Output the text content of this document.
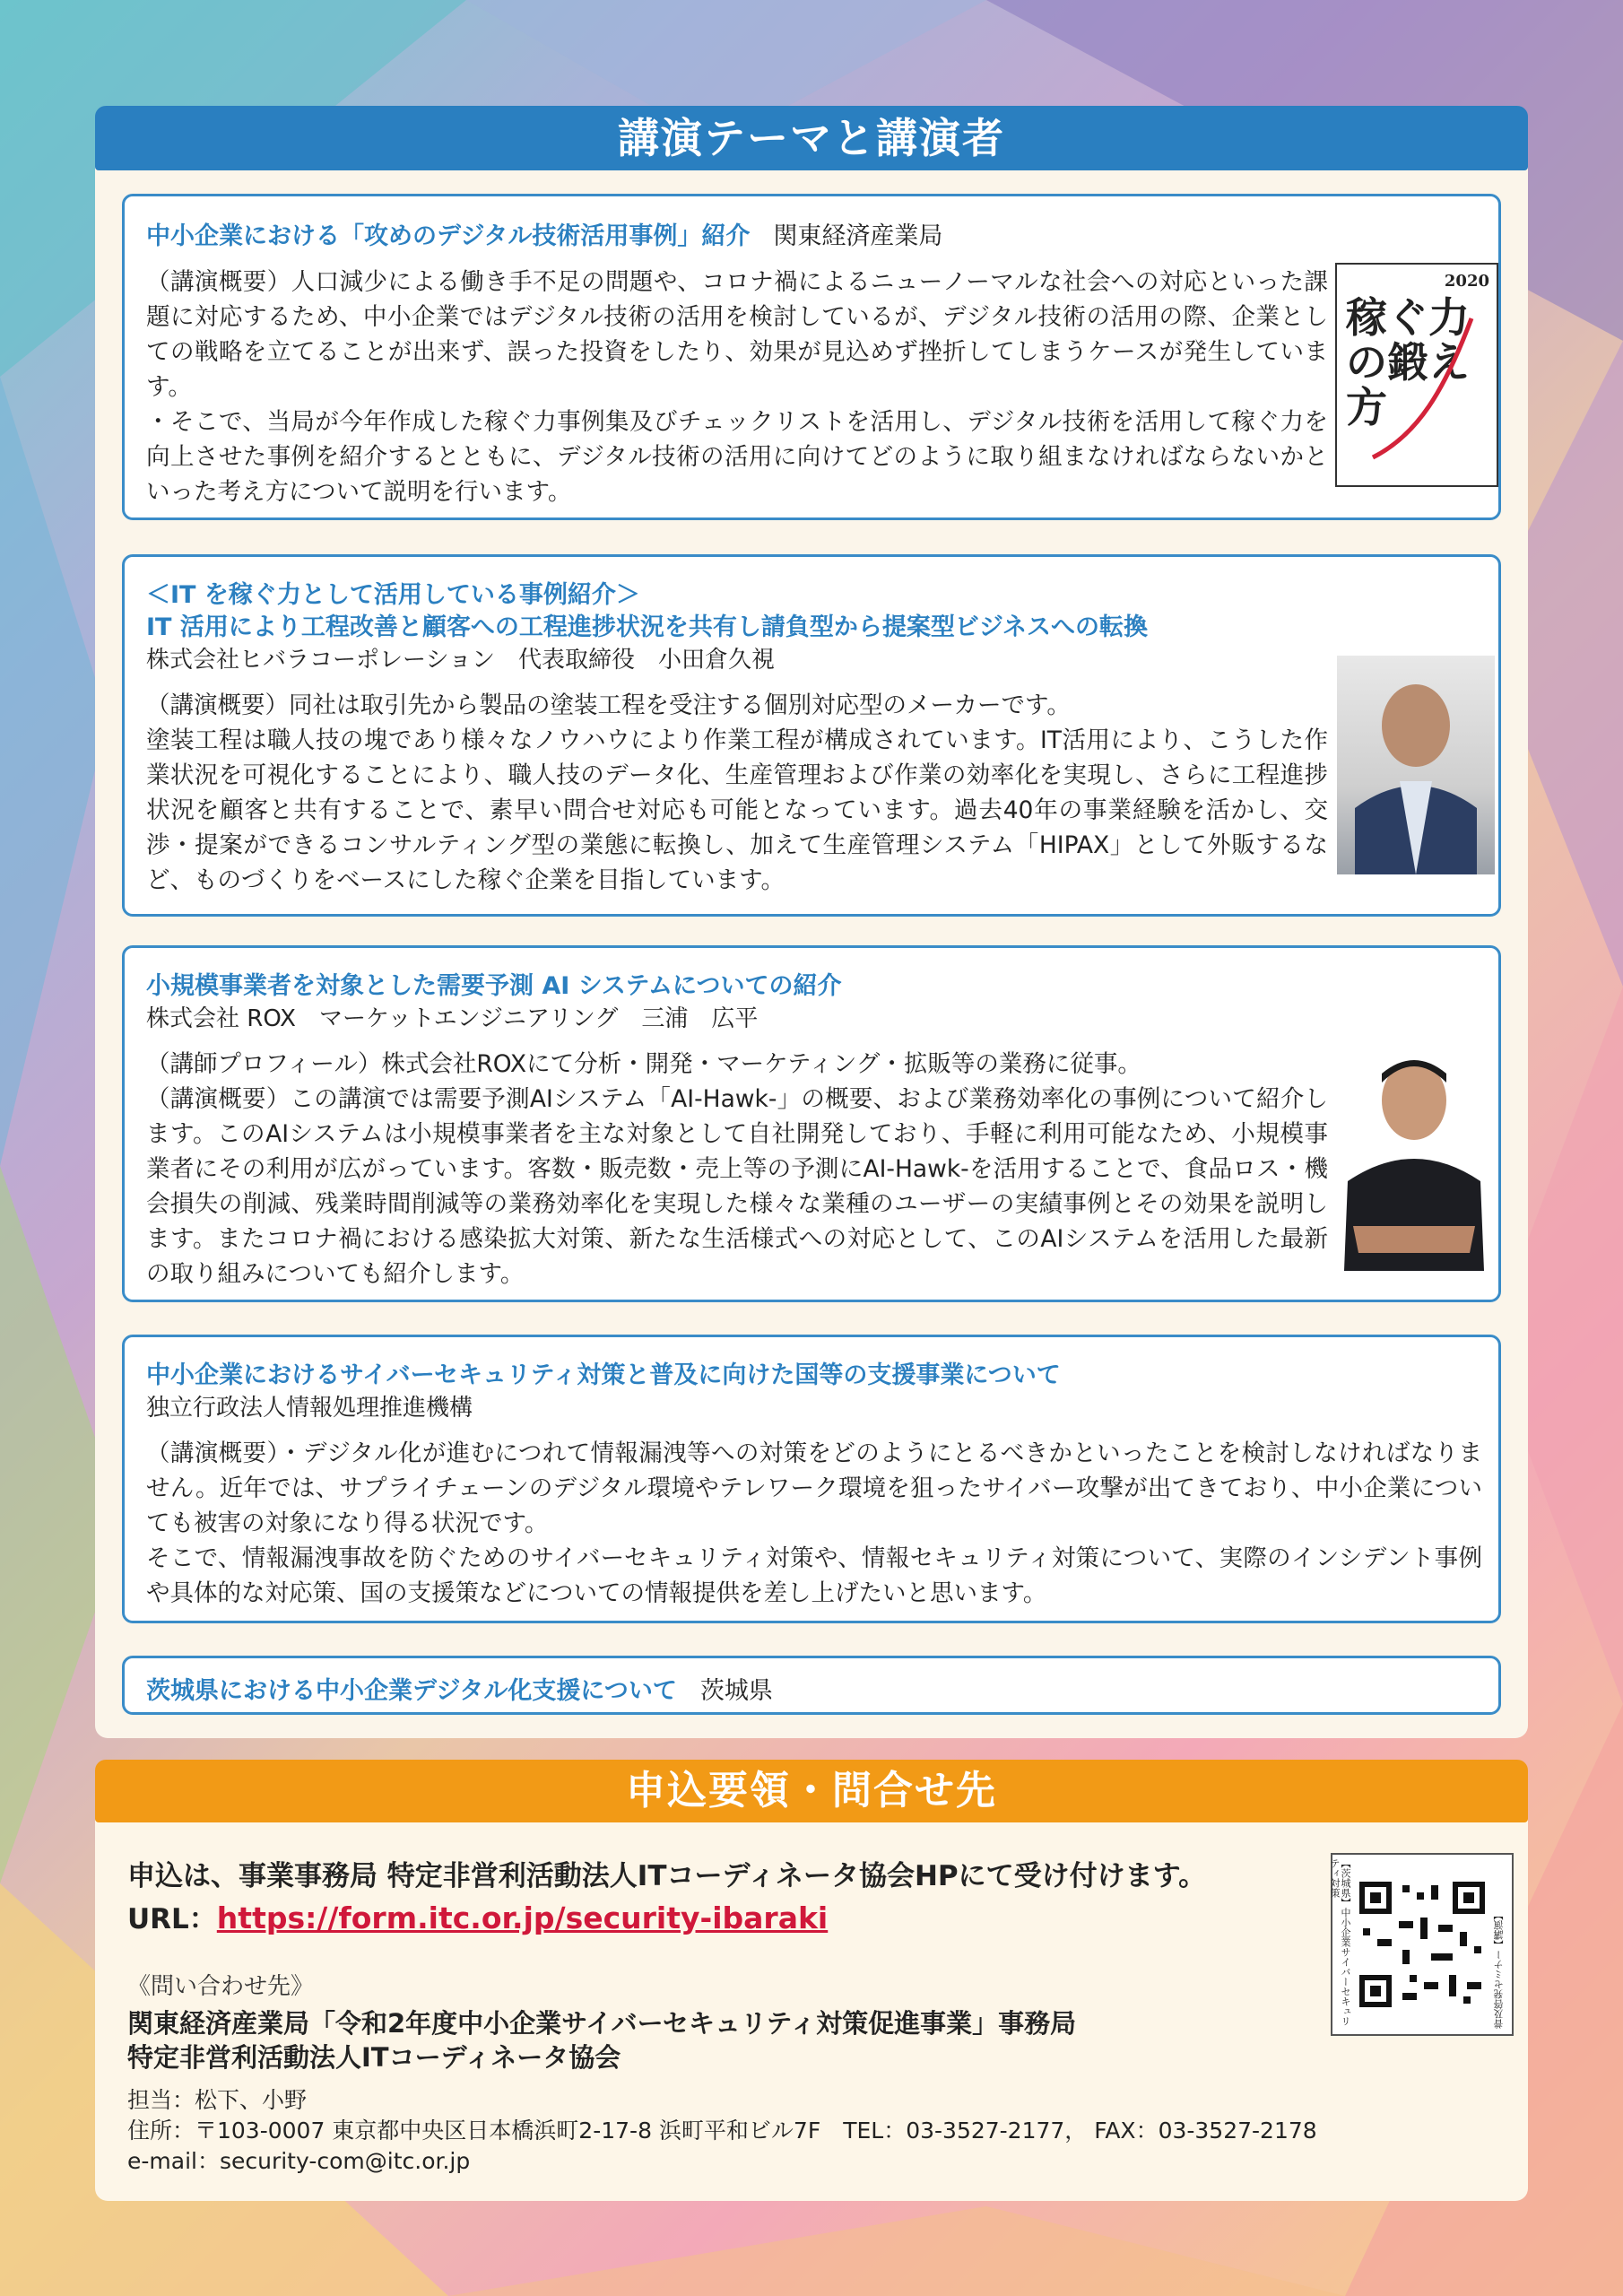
講演テーマと講演者
中小企業における「攻めのデジタル技術活用事例」紹介 関東経済産業局

（講演概要）人口減少による働き手不足の問題や、コロナ禍によるニューノーマルな社会への対応といった課題に対応するため、中小企業ではデジタル技術の活用を検討しているが、デジタル技術の活用の際、企業としての戦略を立てることが出来ず、誤った投資をしたり、効果が見込めず挫折してしまうケースが発生しています。

・そこで、当局が今年作成した稼ぐ力事例集及びチェックリストを活用し、デジタル技術を活用して稼ぐ力を向上させた事例を紹介するとともに、デジタル技術の活用に向けてどのように取り組まなければならないかといった考え方について説明を行います。

2020
稼ぐ力の鍛え方
＜IT を稼ぐ力として活用している事例紹介＞
IT 活用により工程改善と顧客への工程進捗状況を共有し請負型から提案型ビジネスへの転換
株式会社ヒバラコーポレーション　代表取締役　小田倉久視

（講演概要）同社は取引先から製品の塗装工程を受注する個別対応型のメーカーです。

塗装工程は職人技の塊であり様々なノウハウにより作業工程が構成されています。IT活用により、こうした作業状況を可視化することにより、職人技のデータ化、生産管理および作業の効率化を実現し、さらに工程進捗状況を顧客と共有することで、素早い問合せ対応も可能となっています。過去40年の事業経験を活かし、交渉・提案ができるコンサルティング型の業態に転換し、加えて生産管理システム「HIPAX」として外販するなど、ものづくりをベースにした稼ぐ企業を目指しています。

小規模事業者を対象とした需要予測 AI システムについての紹介
株式会社 ROX　マーケットエンジニアリング　三浦　広平

（講師プロフィール）株式会社ROXにて分析・開発・マーケティング・拡販等の業務に従事。

（講演概要）この講演では需要予測AIシステム「AI-Hawk-」の概要、および業務効率化の事例について紹介します。このAIシステムは小規模事業者を主な対象として自社開発しており、手軽に利用可能なため、小規模事業者にその利用が広がっています。客数・販売数・売上等の予測にAI-Hawk-を活用することで、食品ロス・機会損失の削減、残業時間削減等の業務効率化を実現した様々な業種のユーザーの実績事例とその効果を説明します。またコロナ禍における感染拡大対策、新たな生活様式への対応として、このAIシステムを活用した最新の取り組みについても紹介します。

中小企業におけるサイバーセキュリティ対策と普及に向けた国等の支援事業について
独立行政法人情報処理推進機構

（講演概要）・デジタル化が進むにつれて情報漏洩等への対策をどのようにとるべきかといったことを検討しなければなりません。近年では、サプライチェーンのデジタル環境やテレワーク環境を狙ったサイバー攻撃が出てきており、中小企業についても被害の対象になり得る状況です。

そこで、情報漏洩事故を防ぐためのサイバーセキュリティ対策や、情報セキュリティ対策について、実際のインシデント事例や具体的な対応策、国の支援策などについての情報提供を差し上げたいと思います。

茨城県における中小企業デジタル化支援について 茨城県
申込要領・問合せ先
申込は、事業事務局 特定非営利活動法人ITコーディネータ協会HPにて受け付けます。
URL：https://form.itc.or.jp/security-ibaraki
《問い合わせ先》
関東経済産業局「令和2年度中小企業サイバーセキュリティ対策促進事業」事務局
特定非営利活動法人ITコーディネータ協会
担当：松下、小野
住所：〒103-0007 東京都中央区日本橋浜町2-17-8 浜町平和ビル7F　TEL：03-3527-2177， FAX：03-3527-2178
e-mail：security-com@itc.or.jp
【茨城県】中小企業サイバーセキュリティ対策
普及啓発セミナー【講演】
